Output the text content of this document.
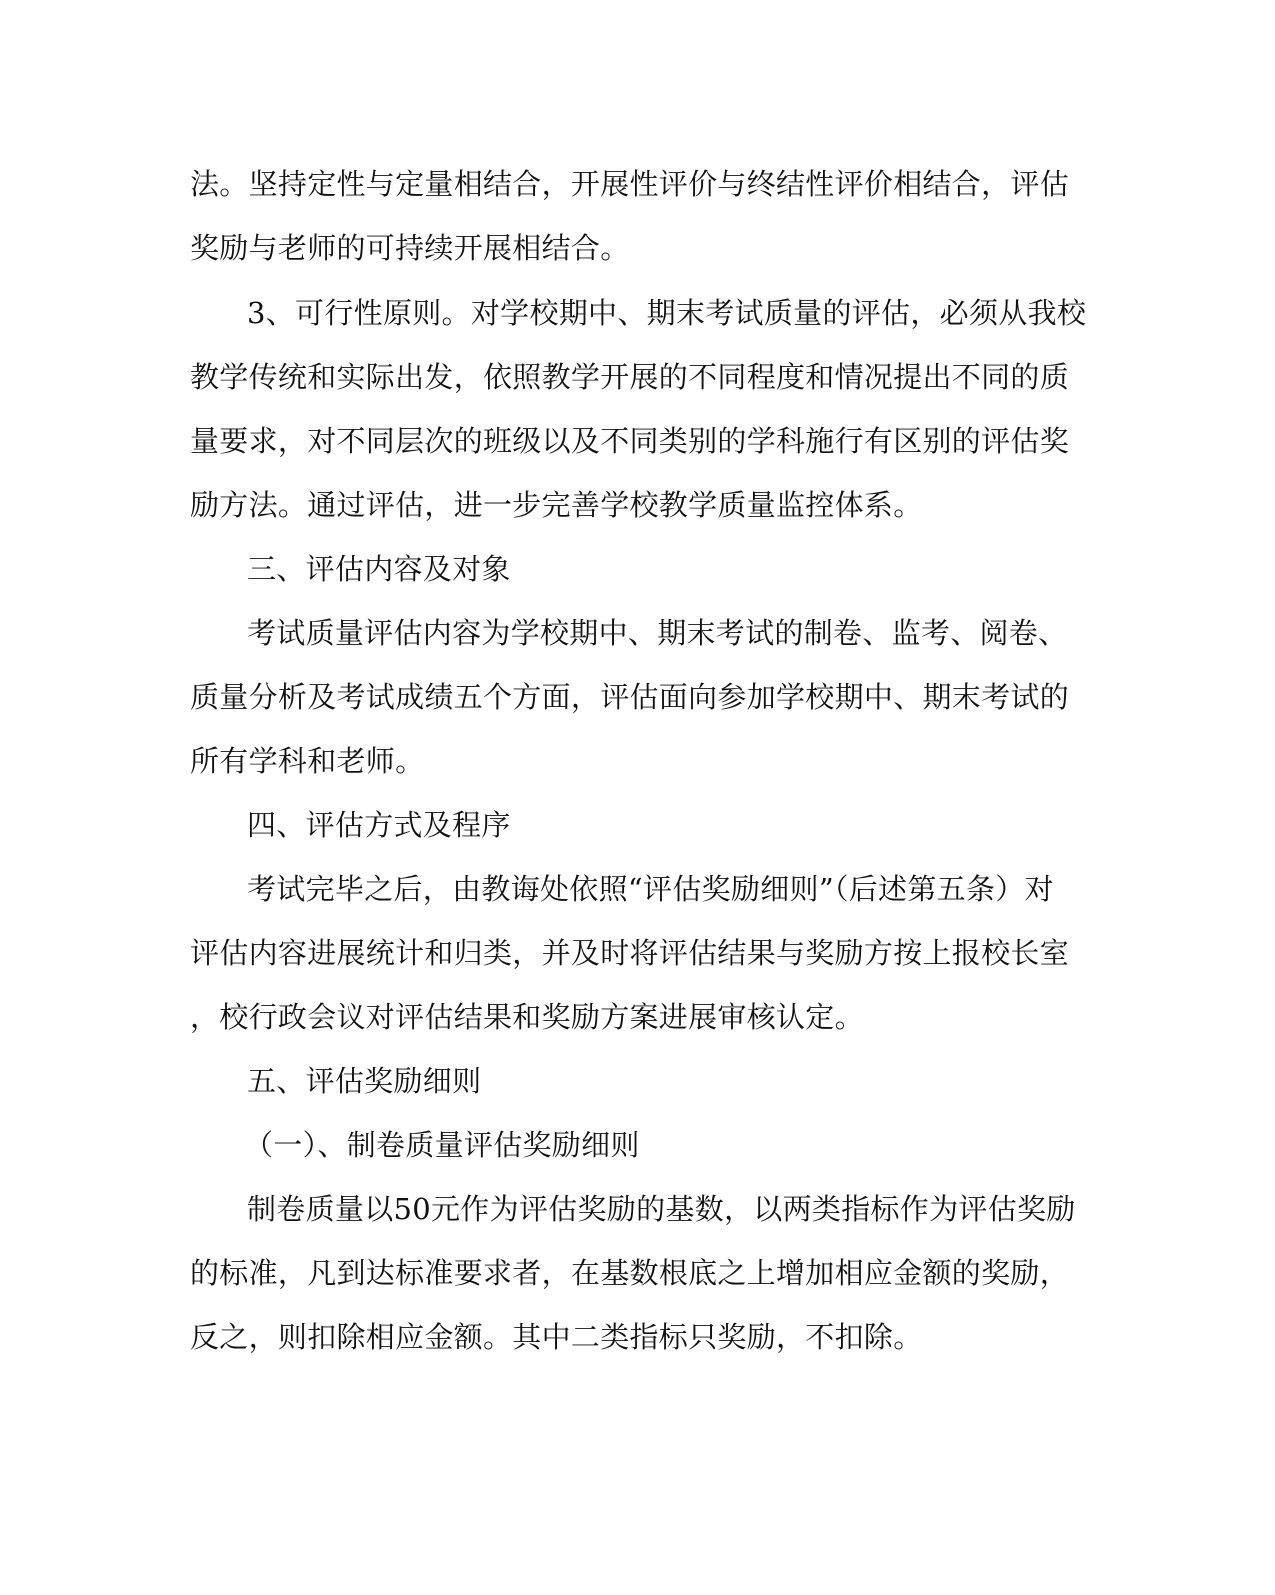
法。坚持定性与定量相结合，开展性评价与终结性评价相结合，评估
奖励与老师的可持续开展相结合。
3、可行性原则。对学校期中、期末考试质量的评估，必须从我校
教学传统和实际出发，依照教学开展的不同程度和情况提出不同的质
量要求，对不同层次的班级以及不同类别的学科施行有区别的评估奖
励方法。通过评估，进一步完善学校教学质量监控体系。
三、评估内容及对象
考试质量评估内容为学校期中、期末考试的制卷、监考、阅卷、
质量分析及考试成绩五个方面，评估面向参加学校期中、期末考试的
所有学科和老师。
四、评估方式及程序
考试完毕之后，由教诲处依照“评估奖励细则”（后述第五条）对
评估内容进展统计和归类，并及时将评估结果与奖励方按上报校长室
，校行政会议对评估结果和奖励方案进展审核认定。
五、评估奖励细则
（一）、制卷质量评估奖励细则
制卷质量以50元作为评估奖励的基数，以两类指标作为评估奖励
的标准，凡到达标准要求者，在基数根底之上增加相应金额的奖励，
反之，则扣除相应金额。其中二类指标只奖励，不扣除。
